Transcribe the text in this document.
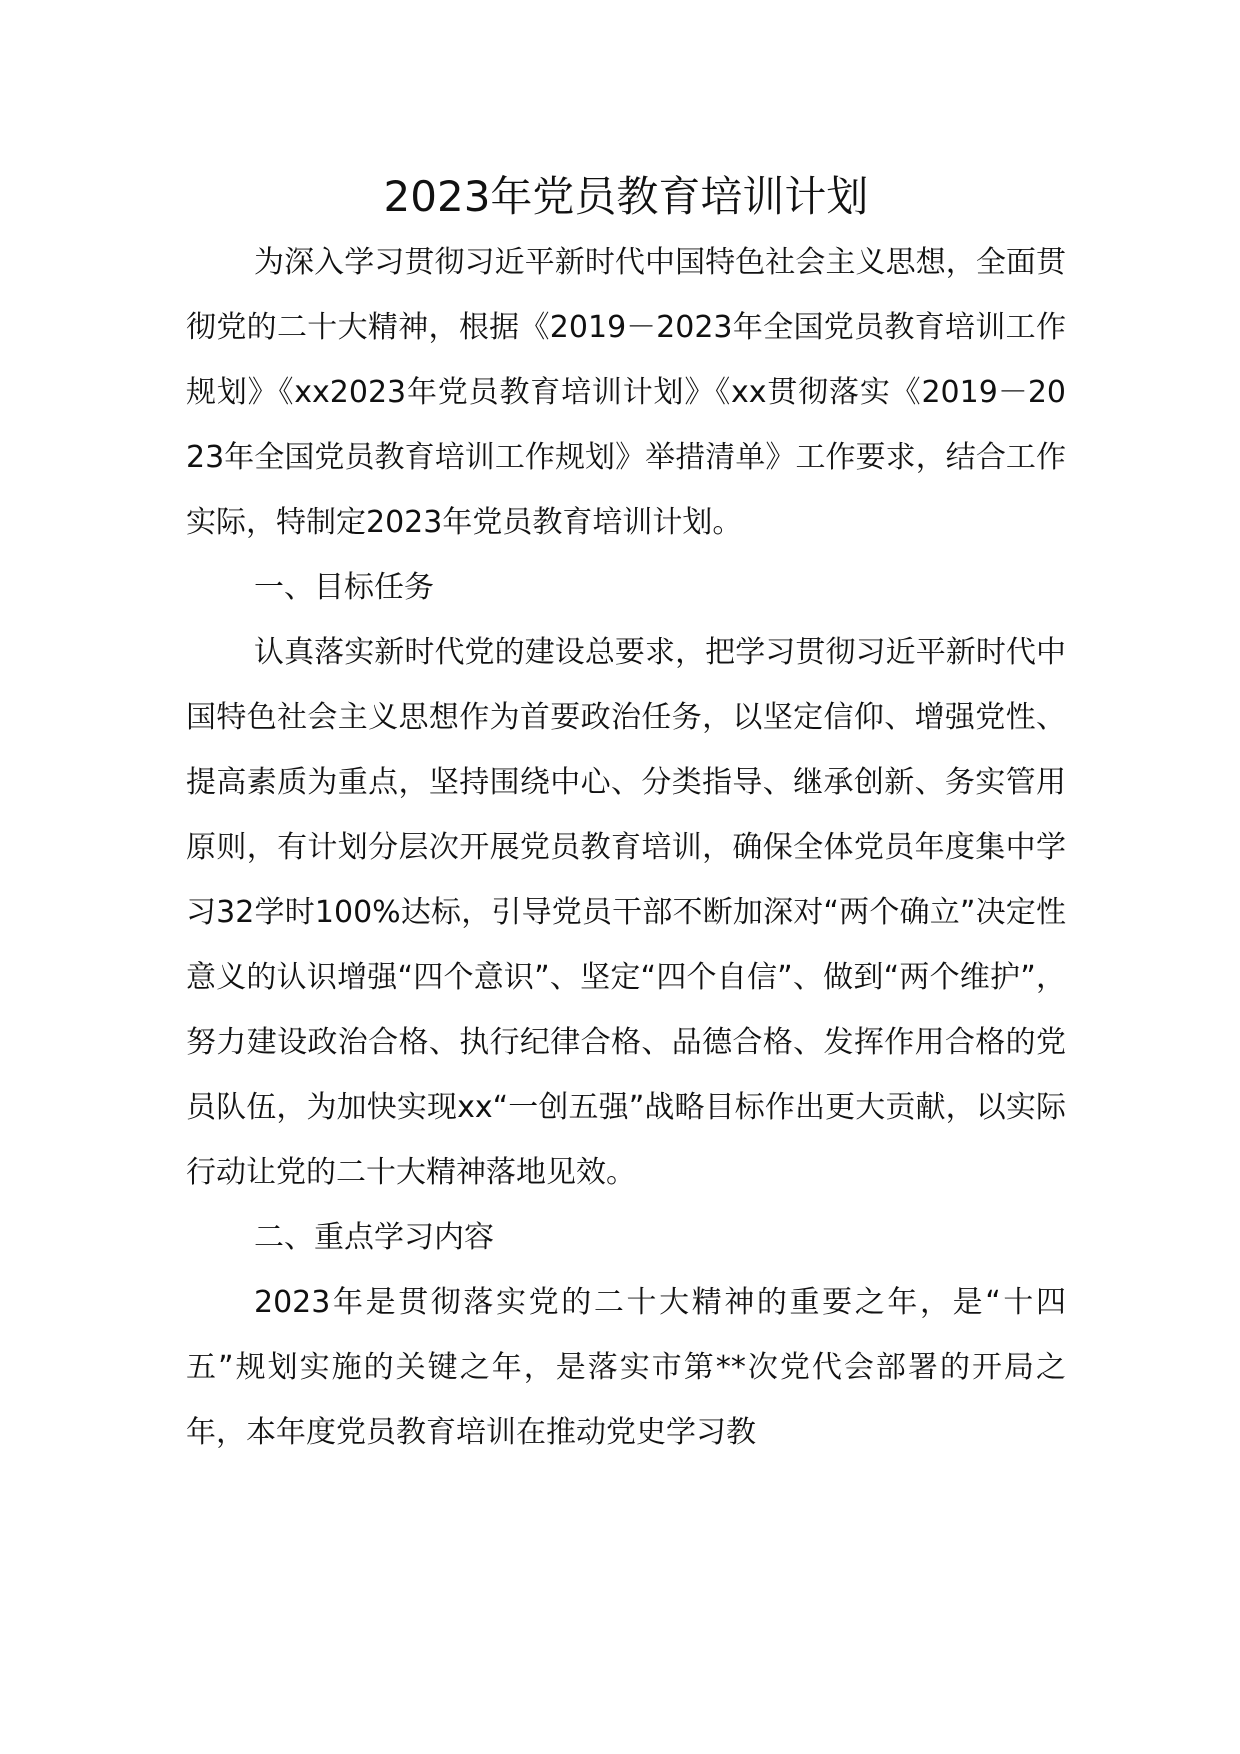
2023年党员教育培训计划

为深入学习贯彻习近平新时代中国特色社会主义思想，全面贯彻党的二十大精神，根据《2019－2023年全国党员教育培训工作规划》《xx2023年党员教育培训计划》《xx贯彻落实《2019－2023年全国党员教育培训工作规划》举措清单》工作要求，结合工作实际，特制定2023年党员教育培训计划。

一、目标任务

认真落实新时代党的建设总要求，把学习贯彻习近平新时代中国特色社会主义思想作为首要政治任务，以坚定信仰、增强党性、提高素质为重点，坚持围绕中心、分类指导、继承创新、务实管用原则，有计划分层次开展党员教育培训，确保全体党员年度集中学习32学时100%达标，引导党员干部不断加深对“两个确立”决定性意义的认识增强“四个意识”、坚定“四个自信”、做到“两个维护”，努力建设政治合格、执行纪律合格、品德合格、发挥作用合格的党员队伍，为加快实现xx“一创五强”战略目标作出更大贡献，以实际行动让党的二十大精神落地见效。

二、重点学习内容

2023年是贯彻落实党的二十大精神的重要之年，是“十四五”规划实施的关键之年，是落实市第**次党代会部署的开局之年，本年度党员教育培训在推动党史学习教
